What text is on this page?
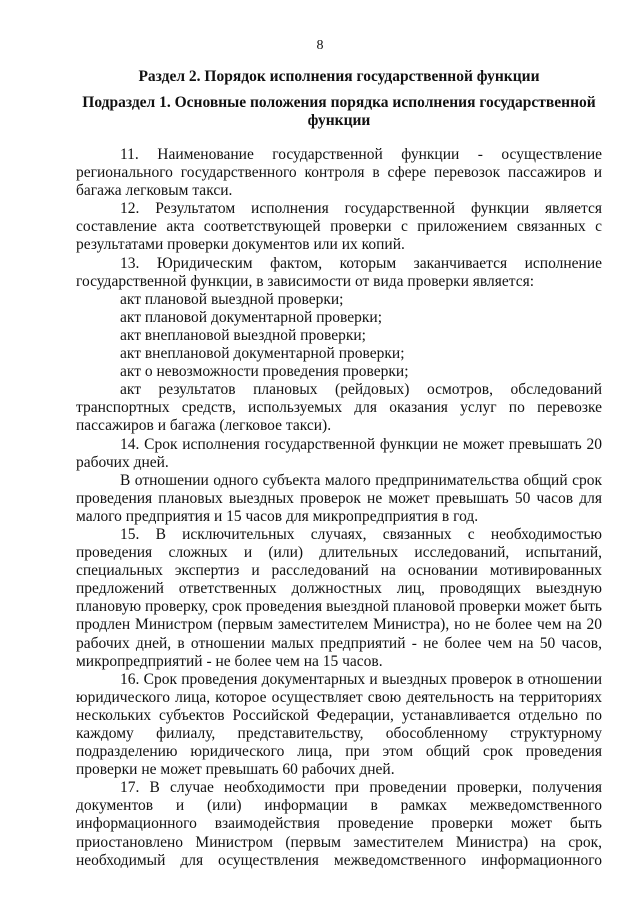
8
Раздел 2. Порядок исполнения государственной функции
Подраздел 1. Основные положения порядка исполнения государственной функции

11. Наименование государственной функции - осуществление регионального государственного контроля в сфере перевозок пассажиров и багажа легковым такси.

12. Результатом исполнения государственной функции является составление акта соответствующей проверки с приложением связанных с результатами проверки документов или их копий.

13. Юридическим фактом, которым заканчивается исполнение государственной функции, в зависимости от вида проверки является:

акт плановой выездной проверки;

акт плановой документарной проверки;

акт внеплановой выездной проверки;

акт внеплановой документарной проверки;

акт о невозможности проведения проверки;

акт результатов плановых (рейдовых) осмотров, обследований транспортных средств, используемых для оказания услуг по перевозке пассажиров и багажа (легковое такси).

14. Срок исполнения государственной функции не может превышать 20 рабочих дней.

В отношении одного субъекта малого предпринимательства общий срок проведения плановых выездных проверок не может превышать 50 часов для малого предприятия и 15 часов для микропредприятия в год.

15. В исключительных случаях, связанных с необходимостью проведения сложных и (или) длительных исследований, испытаний, специальных экспертиз и расследований на основании мотивированных предложений ответственных должностных лиц, проводящих выездную плановую проверку, срок проведения выездной плановой проверки может быть продлен Министром (первым заместителем Министра), но не более чем на 20 рабочих дней, в отношении малых предприятий - не более чем на 50 часов, микропредприятий - не более чем на 15 часов.

16. Срок проведения документарных и выездных проверок в отношении юридического лица, которое осуществляет свою деятельность на территориях нескольких субъектов Российской Федерации, устанавливается отдельно по каждому филиалу, представительству, обособленному структурному подразделению юридического лица, при этом общий срок проведения проверки не может превышать 60 рабочих дней.

17. В случае необходимости при проведении проверки, получения документов и (или) информации в рамках межведомственного информационного взаимодействия проведение проверки может быть приостановлено Министром (первым заместителем Министра) на срок, необходимый для осуществления межведомственного информационного
